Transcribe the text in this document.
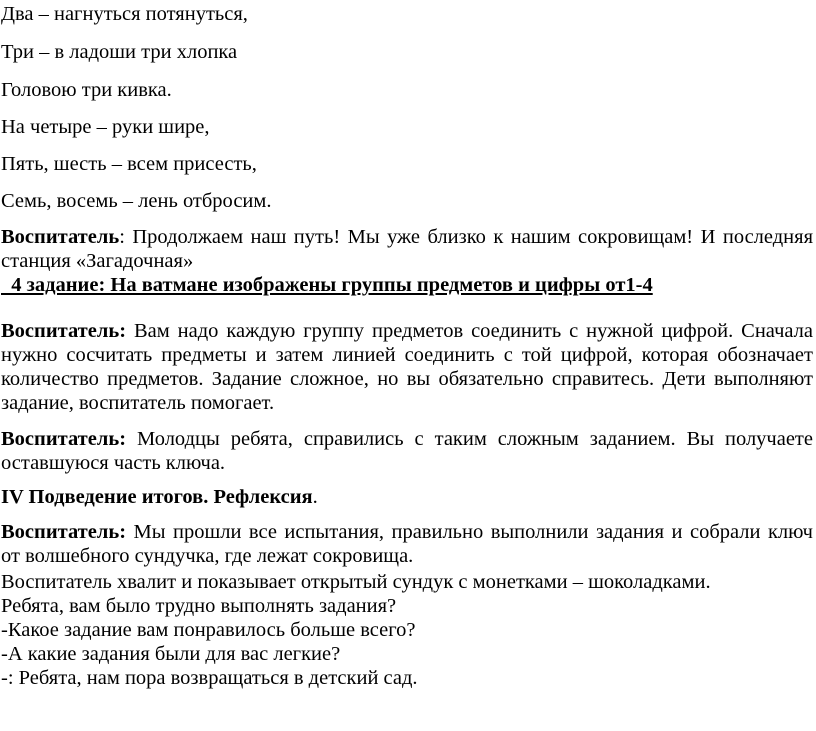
Два – нагнуться потянуться,
Три – в ладоши три хлопка
Головою три кивка.
На четыре – руки шире,
Пять, шесть – всем присесть,
Семь, восемь – лень отбросим.
Воспитатель: Продолжаем наш путь! Мы уже близко к нашим сокровищам! И последняя станция «Загадочная»
4 задание: На ватмане изображены группы предметов и цифры от1-4
Воспитатель: Вам надо каждую группу предметов соединить с нужной цифрой. Сначала нужно сосчитать предметы и затем линией соединить с той цифрой, которая обозначает количество предметов. Задание сложное, но вы обязательно справитесь. Дети выполняют задание, воспитатель помогает.
Воспитатель: Молодцы ребята, справились с таким сложным заданием. Вы получаете оставшуюся часть ключа.
IV Подведение итогов. Рефлексия.
Воспитатель: Мы прошли все испытания, правильно выполнили задания и собрали ключ от волшебного сундучка, где лежат сокровища.
Воспитатель хвалит и показывает открытый сундук с монетками – шоколадками.
Ребята, вам было трудно выполнять задания?
-Какое задание вам понравилось больше всего?
-А какие задания были для вас легкие?
-: Ребята, нам пора возвращаться в детский сад.
